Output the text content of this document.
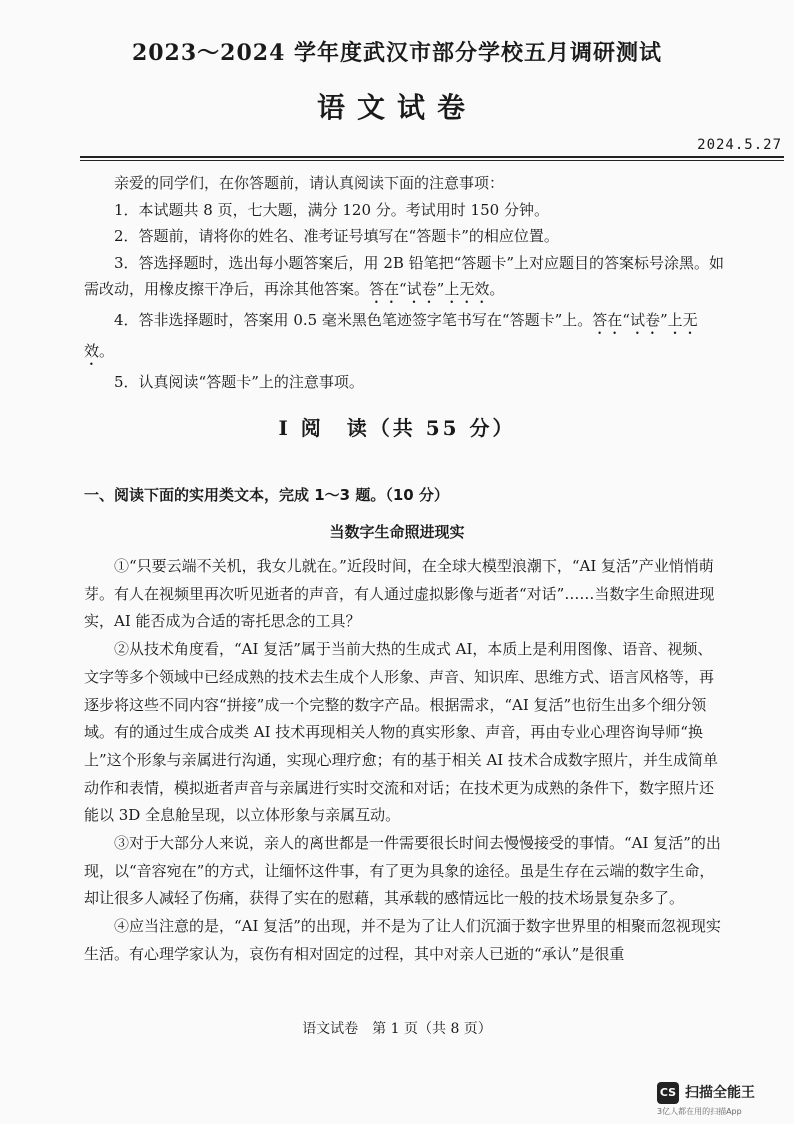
2023～2024 学年度武汉市部分学校五月调研测试
语文试卷
2024.5.27

亲爱的同学们，在你答题前，请认真阅读下面的注意事项：

1．本试题共 8 页，七大题，满分 120 分。考试用时 150 分钟。

2．答题前，请将你的姓名、准考证号填写在“答题卡”的相应位置。

3．答选择题时，选出每小题答案后，用 2B 铅笔把“答题卡”上对应题目的答案标号涂黑。如需改动，用橡皮擦干净后，再涂其他答案。答在“试卷”上无效。

4．答非选择题时，答案用 0.5 毫米黑色笔迹签字笔书写在“答题卡”上。答在“试卷”上无效。

5．认真阅读“答题卡”上的注意事项。

Ⅰ 阅　读（共 55 分）
一、阅读下面的实用类文本，完成 1～3 题。（10 分）
当数字生命照进现实

①“只要云端不关机，我女儿就在。”近段时间，在全球大模型浪潮下，“AI 复活”产业悄悄萌芽。有人在视频里再次听见逝者的声音，有人通过虚拟影像与逝者“对话”……当数字生命照进现实，AI 能否成为合适的寄托思念的工具？

②从技术角度看，“AI 复活”属于当前大热的生成式 AI，本质上是利用图像、语音、视频、文字等多个领域中已经成熟的技术去生成个人形象、声音、知识库、思维方式、语言风格等，再逐步将这些不同内容“拼接”成一个完整的数字产品。根据需求，“AI 复活”也衍生出多个细分领域。有的通过生成合成类 AI 技术再现相关人物的真实形象、声音，再由专业心理咨询导师“换上”这个形象与亲属进行沟通，实现心理疗愈；有的基于相关 AI 技术合成数字照片，并生成简单动作和表情，模拟逝者声音与亲属进行实时交流和对话；在技术更为成熟的条件下，数字照片还能以 3D 全息舱呈现，以立体形象与亲属互动。

③对于大部分人来说，亲人的离世都是一件需要很长时间去慢慢接受的事情。“AI 复活”的出现，以“音容宛在”的方式，让缅怀这件事，有了更为具象的途径。虽是生存在云端的数字生命，却让很多人减轻了伤痛，获得了实在的慰藉，其承载的感情远比一般的技术场景复杂多了。

④应当注意的是，“AI 复活”的出现，并不是为了让人们沉湎于数字世界里的相聚而忽视现实生活。有心理学家认为，哀伤有相对固定的过程，其中对亲人已逝的“承认”是很重

语文试卷　第 1 页（共 8 页）
CS 扫描全能王
3亿人都在用的扫描App
